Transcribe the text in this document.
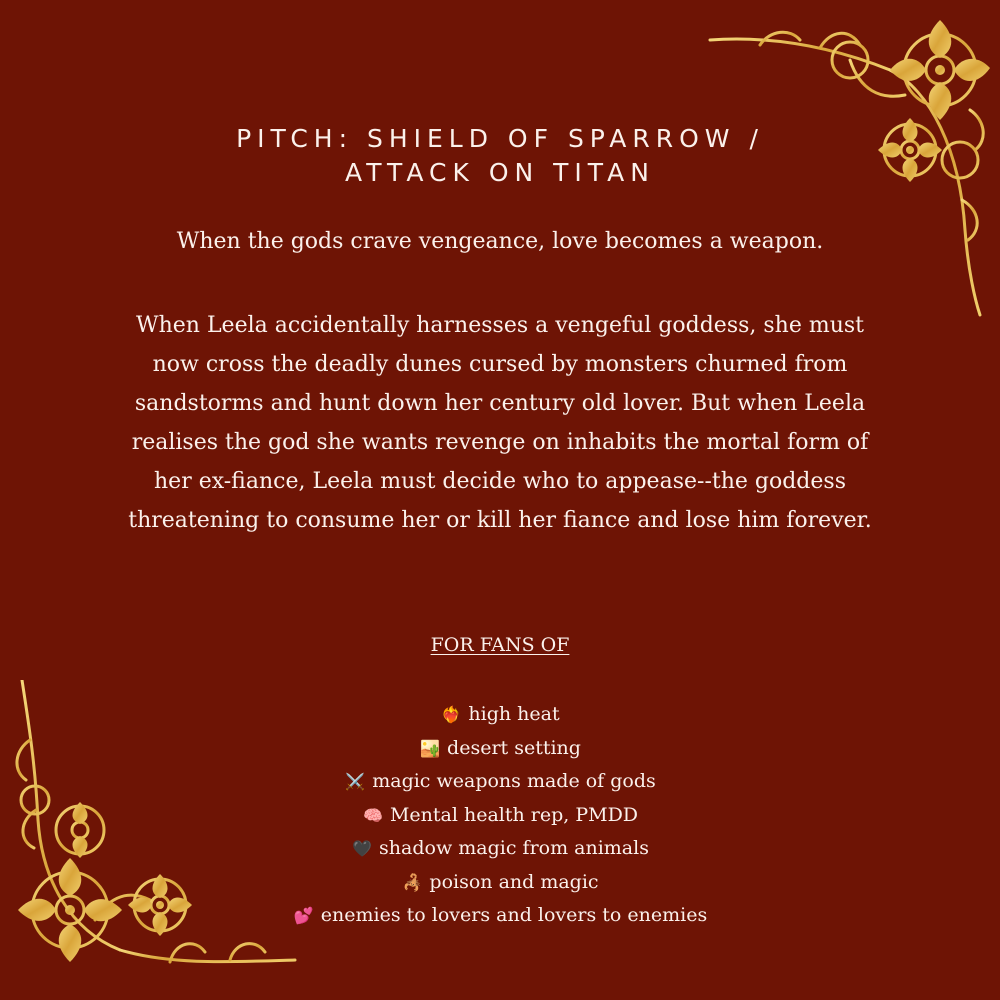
PITCH: SHIELD OF SPARROW /
ATTACK ON TITAN

When the gods crave vengeance, love becomes a weapon.

When Leela accidentally harnesses a vengeful goddess, she must now cross the deadly dunes cursed by monsters churned from sandstorms and hunt down her century old lover. But when Leela realises the god she wants revenge on inhabits the mortal form of her ex-fiance, Leela must decide who to appease--the goddess threatening to consume her or kill her fiance and lose him forever.

FOR FANS OF
❤️‍🔥 high heat
🏜️ desert setting
⚔️ magic weapons made of gods
🧠 Mental health rep, PMDD
🖤 shadow magic from animals
🦂 poison and magic
💕 enemies to lovers and lovers to enemies
